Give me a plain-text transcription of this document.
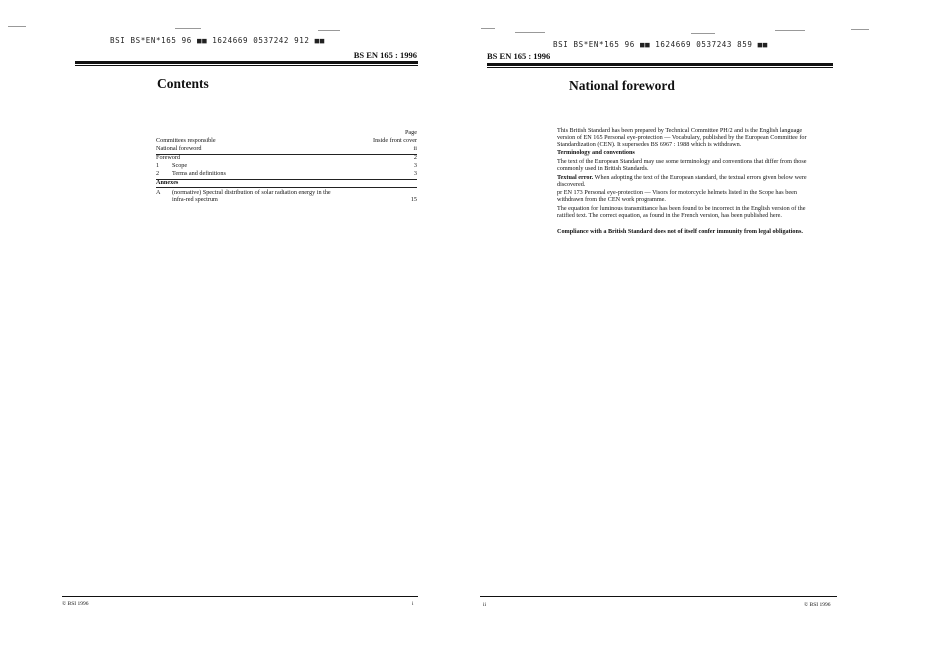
BSI BS*EN*165 96 ■■ 1624669 0537242 912 ■■
BS EN 165 : 1996
Contents
Page
Committees responsible	Inside front cover
National foreword	ii
Foreword	2
1	Scope	3
2	Terms and definitions	3
Annexes
A	(normative) Spectral distribution of solar radiation energy in the
infra-red spectrum	15
© BSI 1996	i
BSI BS*EN*165 96 ■■ 1624669 0537243 859 ■■
BS EN 165 : 1996
National foreword

This British Standard has been prepared by Technical Committee PH/2 and is the English language version of EN 165 Personal eye-protection — Vocabulary, published by the European Committee for Standardization (CEN). It supersedes BS 6967 : 1988 which is withdrawn.

Terminology and conventions

The text of the European Standard may use some terminology and conventions that differ from those commonly used in British Standards.

Textual error. When adopting the text of the European standard, the textual errors given below were discovered.

pr EN 173 Personal eye-protection — Visors for motorcycle helmets listed in the Scope has been withdrawn from the CEN work programme.

The equation for luminous transmittance has been found to be incorrect in the English version of the ratified text. The correct equation, as found in the French version, has been published here.

Compliance with a British Standard does not of itself confer immunity from legal obligations.

ii	© BSI 1996
